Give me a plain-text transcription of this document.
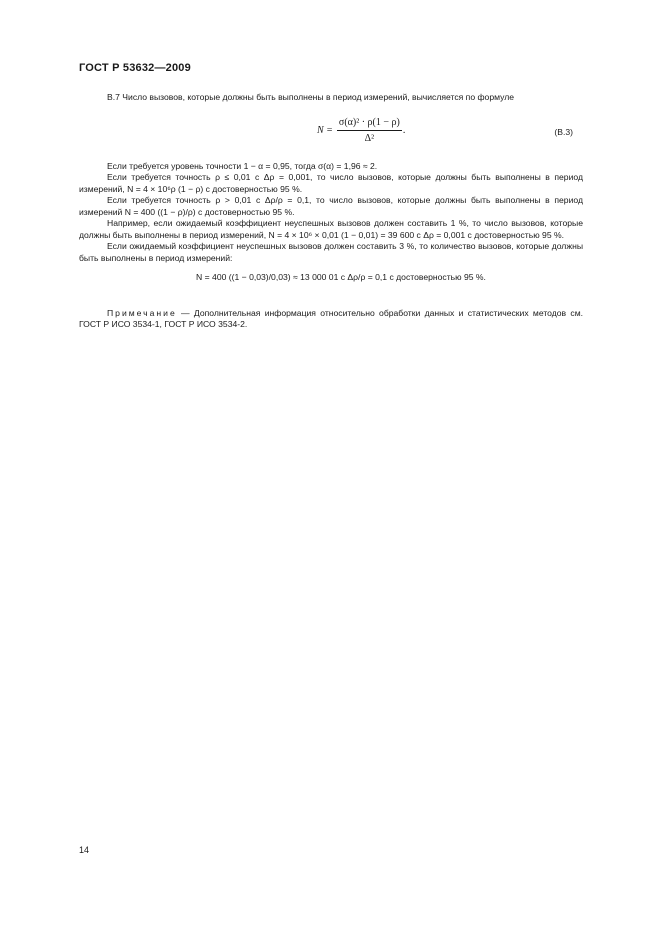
ГОСТ Р 53632—2009

В.7 Число вызовов, которые должны быть выполнены в период измерений, вычисляется по формуле

$N = \frac{\text{σ(α)² · ρ(1 − ρ)}}{\text{Δ²}}$ .	(В.3)

Если требуется уровень точности 1 − α = 0,95, тогда σ(α) = 1,96 ≈ 2.

Если требуется точность ρ ≤ 0,01 с Δρ = 0,001, то число вызовов, которые должны быть выполнены в период измерений, N = 4 × 10⁶ρ (1 − ρ) с достоверностью 95 %.

Если требуется точность ρ > 0,01 с Δρ/ρ = 0,1, то число вызовов, которые должны быть выполнены в период измерений N = 400 ((1 − ρ)/ρ) с достоверностью 95 %.

Например, если ожидаемый коэффициент неуспешных вызовов должен составить 1 %, то число вызовов, которые должны быть выполнены в период измерений, N = 4 × 10⁶ × 0,01 (1 − 0,01) = 39 600 с Δρ = 0,001 с достоверностью 95 %.

Если ожидаемый коэффициент неуспешных вызовов должен составить 3 %, то количество вызовов, которые должны быть выполнены в период измерений:

N = 400 ((1 − 0,03)/0,03) ≈ 13 000 01 с Δρ/ρ = 0,1 с достоверностью 95 %.

Примечание — Дополнительная информация относительно обработки данных и статистических методов см. ГОСТ Р ИСО 3534-1, ГОСТ Р ИСО 3534-2.

14
